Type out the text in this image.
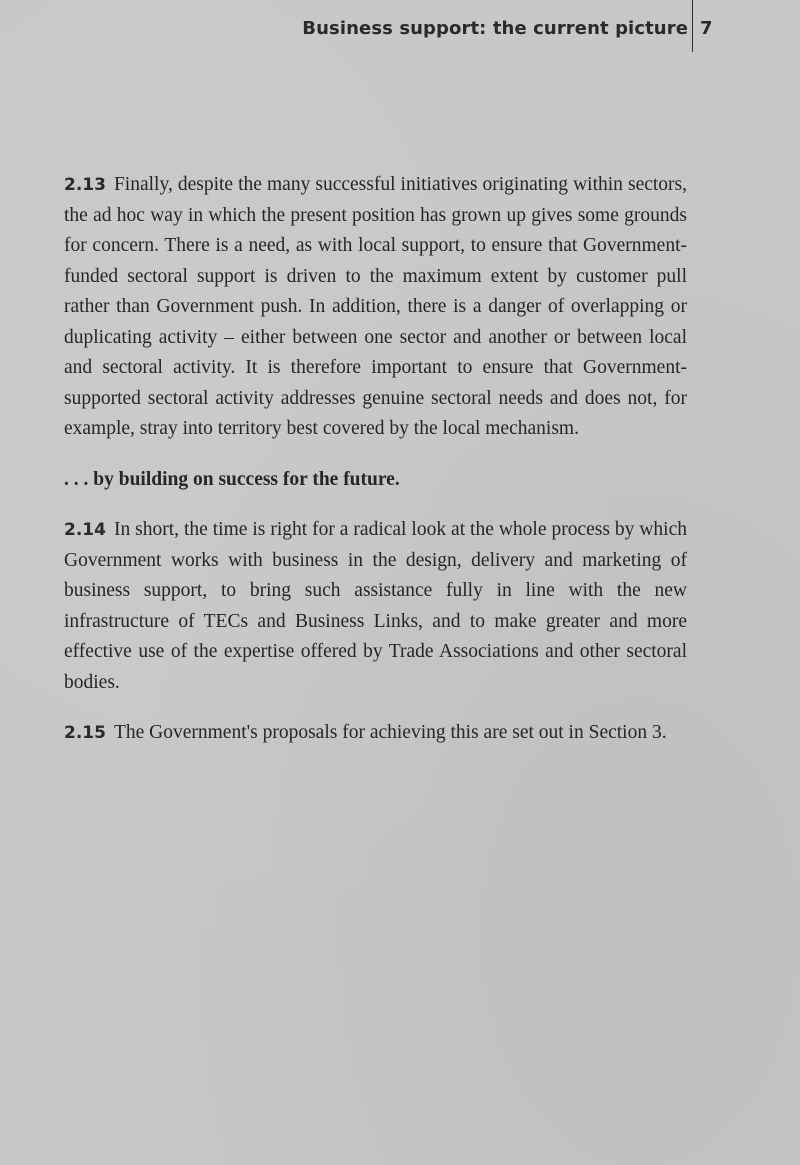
Business support: the current picture 7

2.13 Finally, despite the many successful initiatives originating within sectors, the ad hoc way in which the present position has grown up gives some grounds for concern. There is a need, as with local support, to ensure that Government-funded sectoral support is driven to the maximum extent by customer pull rather than Government push. In addition, there is a danger of overlapping or duplicating activity – either between one sector and another or between local and sectoral activity. It is therefore important to ensure that Government-supported sectoral activity addresses genuine sectoral needs and does not, for example, stray into territory best covered by the local mechanism.

. . . by building on success for the future.

2.14 In short, the time is right for a radical look at the whole process by which Government works with business in the design, delivery and marketing of business support, to bring such assistance fully in line with the new infrastructure of TECs and Business Links, and to make greater and more effective use of the expertise offered by Trade Associations and other sectoral bodies.

2.15 The Government's proposals for achieving this are set out in Section 3.
